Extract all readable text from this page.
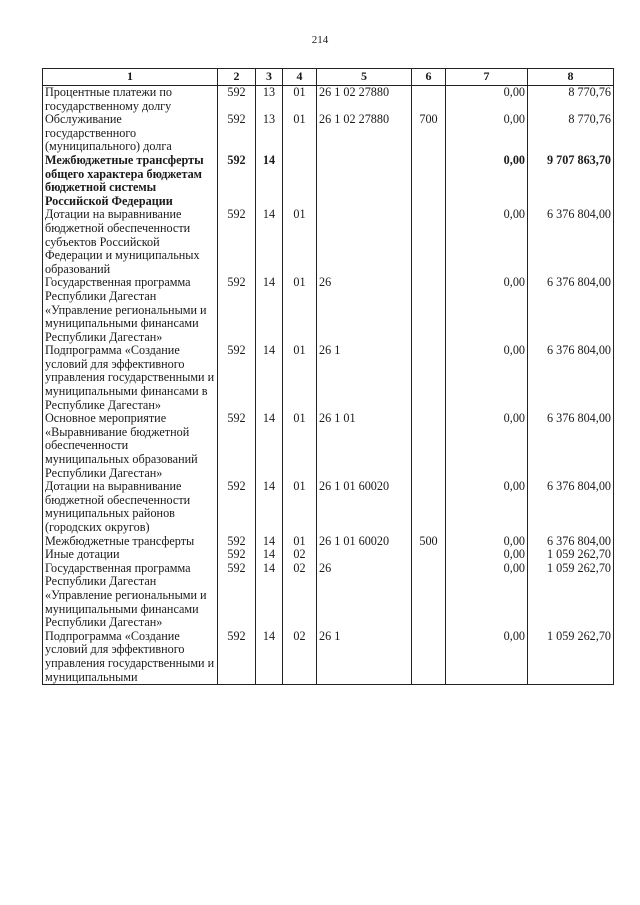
214
1	2	3	4	5	6	7	8
Процентные платежи по государственному долгу	592	13	01	26 1 02 27880		0,00	8 770,76
Обслуживание государственного (муниципального) долга	592	13	01	26 1 02 27880	700	0,00	8 770,76
Межбюджетные трансферты общего характера бюджетам бюджетной системы Российской Федерации	592	14				0,00	9 707 863,70
Дотации на выравнивание бюджетной обеспеченности субъектов Российской Федерации и муниципальных образований	592	14	01			0,00	6 376 804,00
Государственная программа Республики Дагестан «Управление региональными и муниципальными финансами Республики Дагестан»	592	14	01	26		0,00	6 376 804,00
Подпрограмма «Создание условий для эффективного управления государственными и муниципальными финансами в Республике Дагестан»	592	14	01	26 1		0,00	6 376 804,00
Основное мероприятие «Выравнивание бюджетной обеспеченности муниципальных образований Республики Дагестан»	592	14	01	26 1 01		0,00	6 376 804,00
Дотации на выравнивание бюджетной обеспеченности муниципальных районов (городских округов)	592	14	01	26 1 01 60020		0,00	6 376 804,00
Межбюджетные трансферты	592	14	01	26 1 01 60020	500	0,00	6 376 804,00
Иные дотации	592	14	02			0,00	1 059 262,70
Государственная программа Республики Дагестан «Управление региональными и муниципальными финансами Республики Дагестан»	592	14	02	26		0,00	1 059 262,70
Подпрограмма «Создание условий для эффективного управления государственными и муниципальными	592	14	02	26 1		0,00	1 059 262,70
